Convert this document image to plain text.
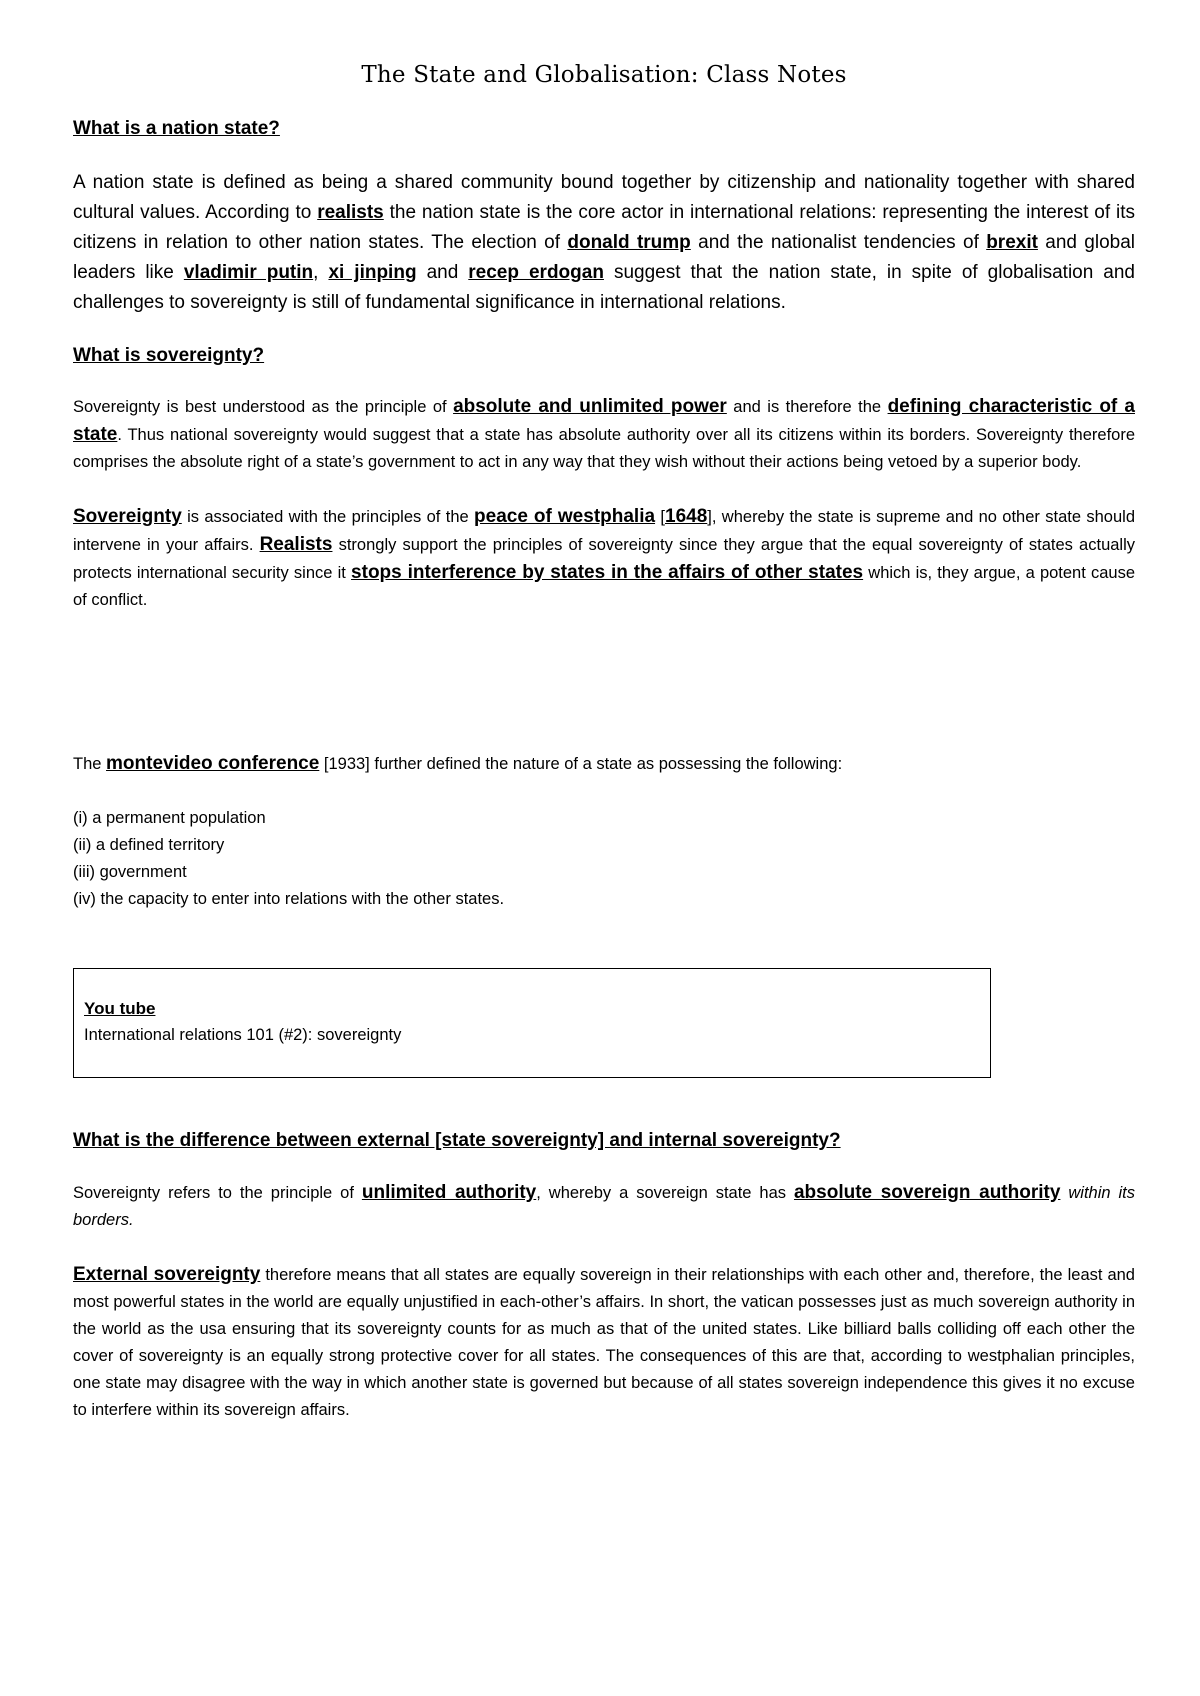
The State and Globalisation: Class Notes
What is a nation state?

A nation state is defined as being a shared community bound together by citizenship and nationality together with shared cultural values. According to realists the nation state is the core actor in international relations: representing the interest of its citizens in relation to other nation states. The election of donald trump and the nationalist tendencies of brexit and global leaders like vladimir putin, xi jinping and recep erdogan suggest that the nation state, in spite of globalisation and challenges to sovereignty is still of fundamental significance in international relations.

What is sovereignty?

Sovereignty is best understood as the principle of absolute and unlimited power and is therefore the defining characteristic of a state. Thus national sovereignty would suggest that a state has absolute authority over all its citizens within its borders. Sovereignty therefore comprises the absolute right of a state’s government to act in any way that they wish without their actions being vetoed by a superior body.

Sovereignty is associated with the principles of the peace of westphalia [1648], whereby the state is supreme and no other state should intervene in your affairs. Realists strongly support the principles of sovereignty since they argue that the equal sovereignty of states actually protects international security since it stops interference by states in the affairs of other states which is, they argue, a potent cause of conflict.

The montevideo conference [1933] further defined the nature of a state as possessing the following:

(i) a permanent population
(ii) a defined territory
(iii) government
(iv) the capacity to enter into relations with the other states.
You tube
International relations 101 (#2): sovereignty
What is the difference between external [state sovereignty] and internal sovereignty?

Sovereignty refers to the principle of unlimited authority, whereby a sovereign state has absolute sovereign authority within its borders.

External sovereignty therefore means that all states are equally sovereign in their relationships with each other and, therefore, the least and most powerful states in the world are equally unjustified in each-other’s affairs. In short, the vatican possesses just as much sovereign authority in the world as the usa ensuring that its sovereignty counts for as much as that of the united states. Like billiard balls colliding off each other the cover of sovereignty is an equally strong protective cover for all states. The consequences of this are that, according to westphalian principles, one state may disagree with the way in which another state is governed but because of all states sovereign independence this gives it no excuse to interfere within its sovereign affairs.
